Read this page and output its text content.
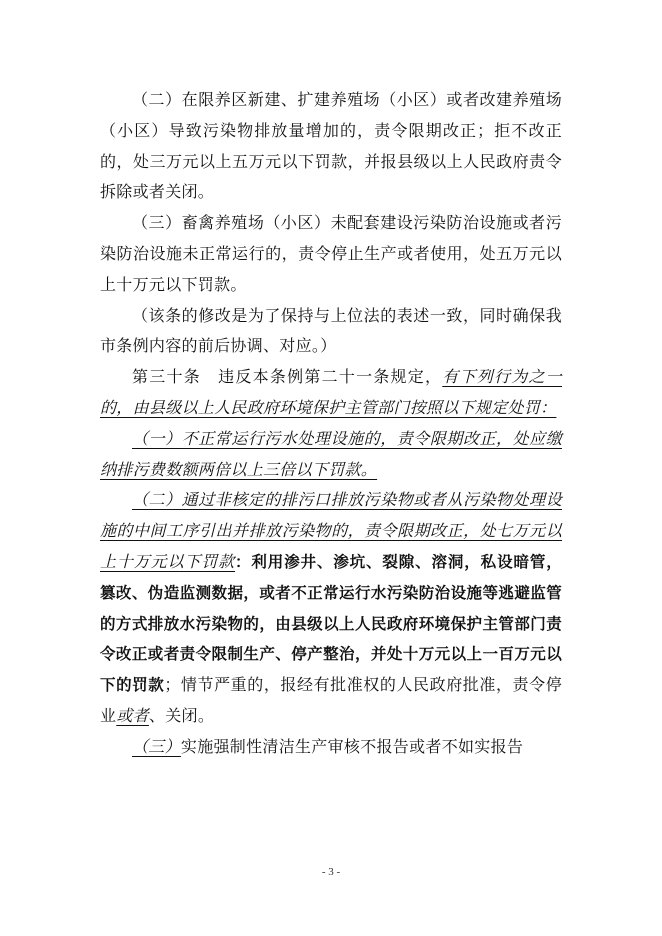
（二）在限养区新建、扩建养殖场（小区）或者改建养殖场（小区）导致污染物排放量增加的，责令限期改正；拒不改正的，处三万元以上五万元以下罚款，并报县级以上人民政府责令拆除或者关闭。

（三）畜禽养殖场（小区）未配套建设污染防治设施或者污染防治设施未正常运行的，责令停止生产或者使用，处五万元以上十万元以下罚款。

（该条的修改是为了保持与上位法的表述一致，同时确保我市条例内容的前后协调、对应。）

第三十条　违反本条例第二十一条规定，有下列行为之一的，由县级以上人民政府环境保护主管部门按照以下规定处罚：

（一）不正常运行污水处理设施的，责令限期改正，处应缴纳排污费数额两倍以上三倍以下罚款。

（二）通过非核定的排污口排放污染物或者从污染物处理设施的中间工序引出并排放污染物的，责令限期改正，处七万元以上十万元以下罚款：利用渗井、渗坑、裂隙、溶洞，私设暗管，篡改、伪造监测数据，或者不正常运行水污染防治设施等逃避监管的方式排放水污染物的，由县级以上人民政府环境保护主管部门责令改正或者责令限制生产、停产整治，并处十万元以上一百万元以下的罚款；情节严重的，报经有批准权的人民政府批准，责令停业或者、关闭。

（三）实施强制性清洁生产审核不报告或者不如实报告

- 3 -
